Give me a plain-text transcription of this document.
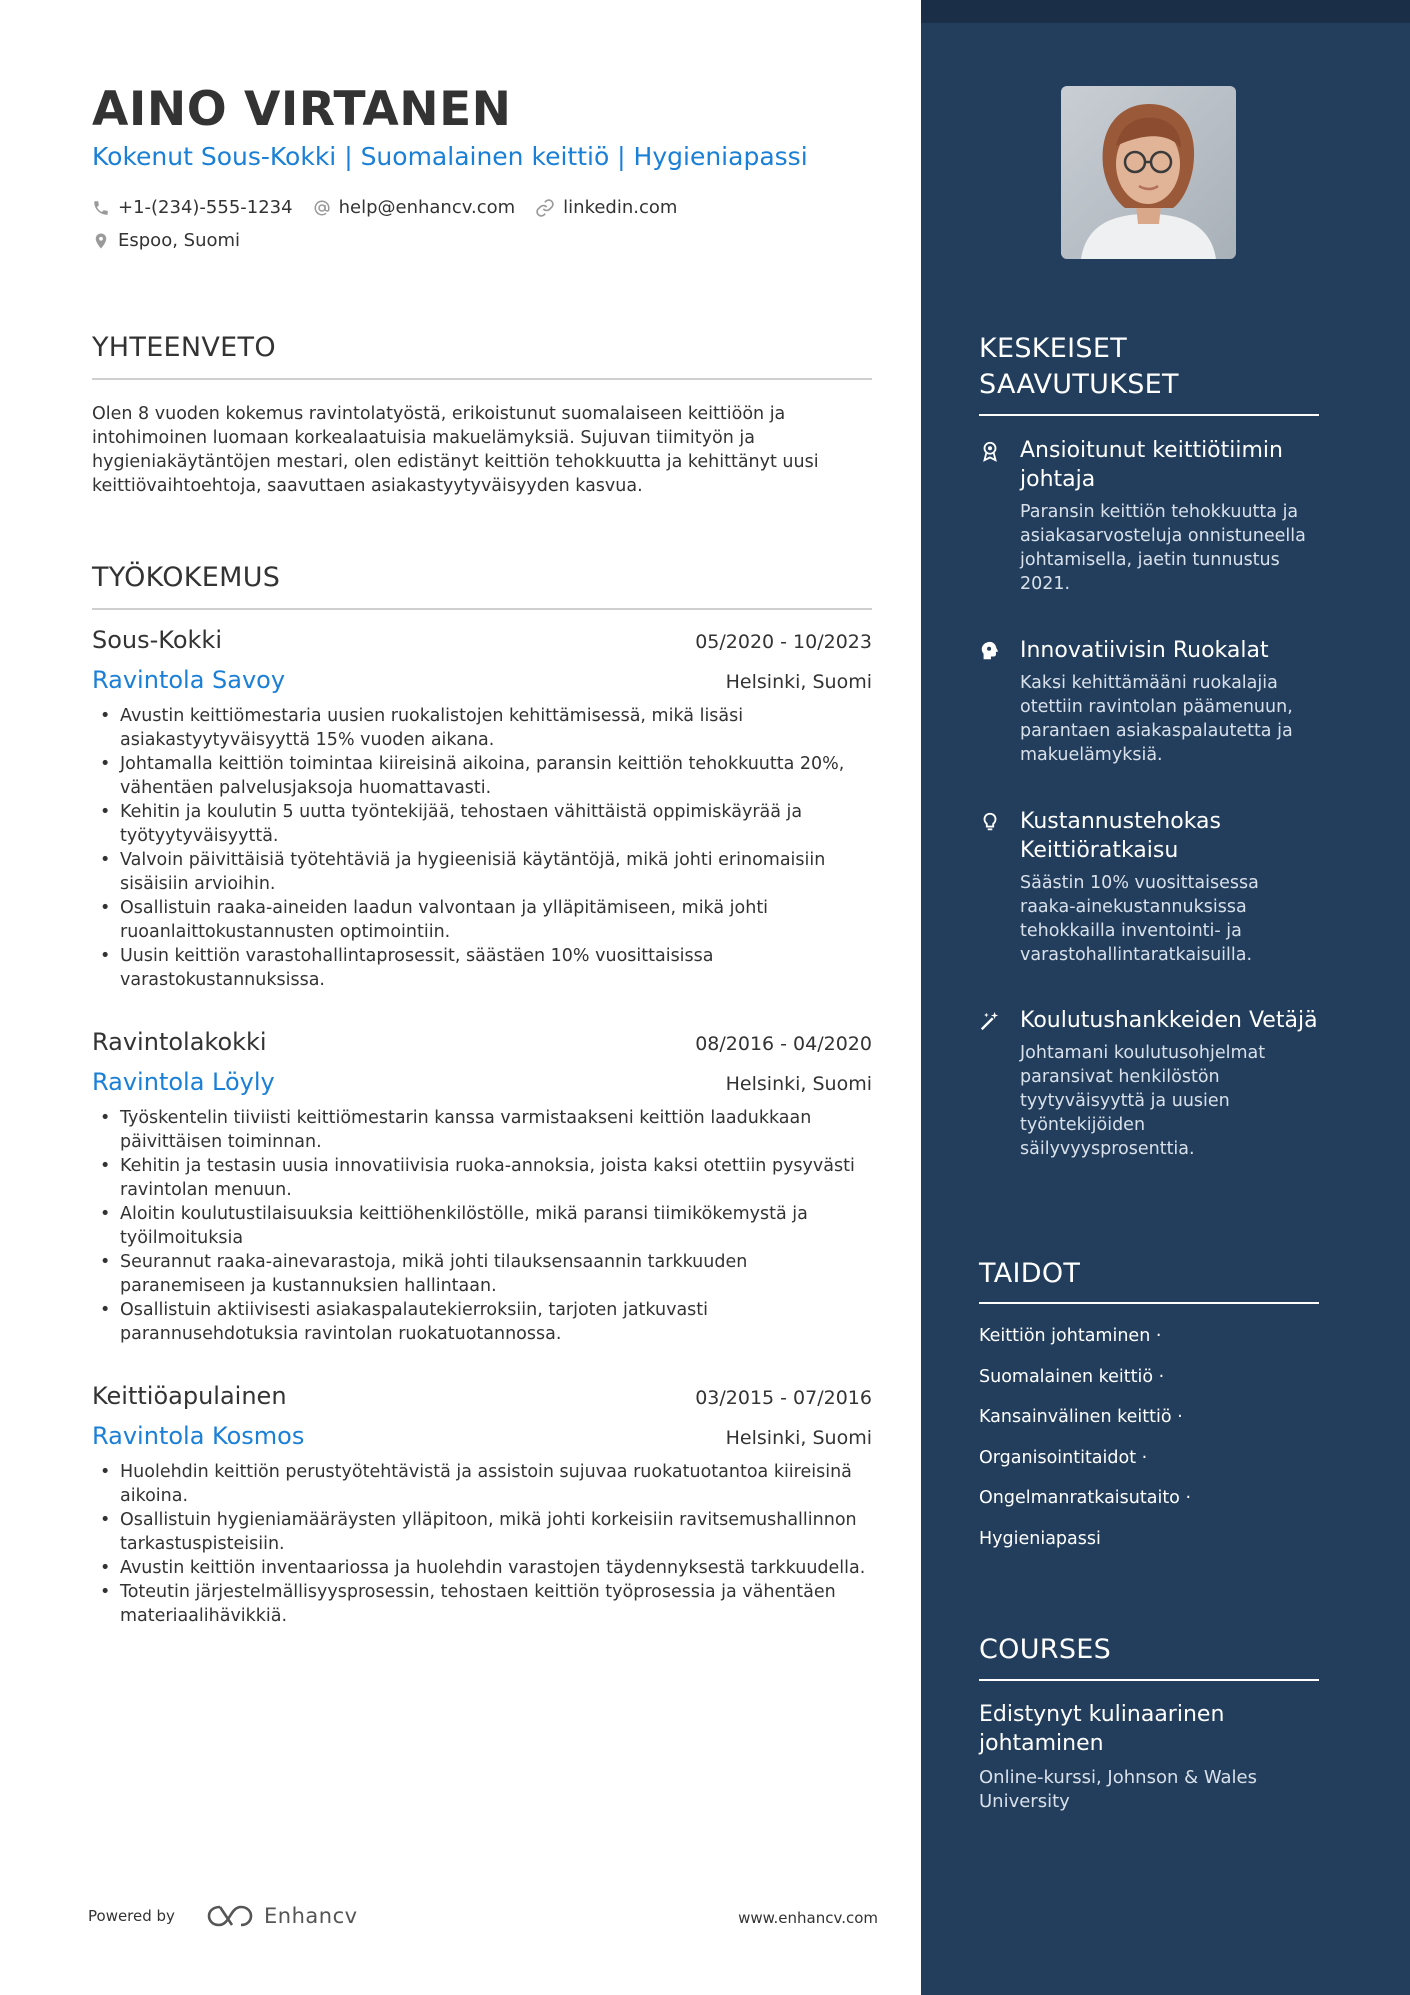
AINO VIRTANEN
Kokenut Sous-Kokki | Suomalainen keittiö | Hygieniapassi
+1-(234)-555-1234	help@enhancv.com	linkedin.com
Espoo, Suomi
YHTEENVETO
Olen 8 vuoden kokemus ravintolatyöstä, erikoistunut suomalaiseen keittiöön ja intohimoinen luomaan korkealaatuisia makuelämyksiä. Sujuvan tiimityön ja hygieniakäytäntöjen mestari, olen edistänyt keittiön tehokkuutta ja kehittänyt uusi keittiövaihtoehtoja, saavuttaen asiakastyytyväisyyden kasvua.
TYÖKOKEMUS
Sous-Kokki	05/2020 - 10/2023
Ravintola Savoy	Helsinki, Suomi
• Avustin keittiömestaria uusien ruokalistojen kehittämisessä, mikä lisäsi asiakastyytyväisyyttä 15% vuoden aikana.
• Johtamalla keittiön toimintaa kiireisinä aikoina, paransin keittiön tehokkuutta 20%, vähentäen palvelusjaksoja huomattavasti.
• Kehitin ja koulutin 5 uutta työntekijää, tehostaen vähittäistä oppimiskäyrää ja työtyytyväisyyttä.
• Valvoin päivittäisiä työtehtäviä ja hygieenisiä käytäntöjä, mikä johti erinomaisiin sisäisiin arvioihin.
• Osallistuin raaka-aineiden laadun valvontaan ja ylläpitämiseen, mikä johti ruoanlaittokustannusten optimointiin.
• Uusin keittiön varastohallintaprosessit, säästäen 10% vuosittaisissa varastokustannuksissa.
Ravintolakokki	08/2016 - 04/2020
Ravintola Löyly	Helsinki, Suomi
• Työskentelin tiiviisti keittiömestarin kanssa varmistaakseni keittiön laadukkaan päivittäisen toiminnan.
• Kehitin ja testasin uusia innovatiivisia ruoka-annoksia, joista kaksi otettiin pysyvästi ravintolan menuun.
• Aloitin koulutustilaisuuksia keittiöhenkilöstölle, mikä paransi tiimikökemystä ja työilmoituksia
• Seurannut raaka-ainevarastoja, mikä johti tilauksensaannin tarkkuuden paranemiseen ja kustannuksien hallintaan.
• Osallistuin aktiivisesti asiakaspalautekierroksiin, tarjoten jatkuvasti parannusehdotuksia ravintolan ruokatuotannossa.
Keittiöapulainen	03/2015 - 07/2016
Ravintola Kosmos	Helsinki, Suomi
• Huolehdin keittiön perustyötehtävistä ja assistoin sujuvaa ruokatuotantoa kiireisinä aikoina.
• Osallistuin hygieniamääräysten ylläpitoon, mikä johti korkeisiin ravitsemushallinnon tarkastuspisteisiin.
• Avustin keittiön inventaariossa ja huolehdin varastojen täydennyksestä tarkkuudella.
• Toteutin järjestelmällisyysprosessin, tehostaen keittiön työprosessia ja vähentäen materiaalihävikkiä.
Powered by	Enhancv	www.enhancv.com
KESKEISET
SAAVUTUKSET
Ansioitunut keittiötiimin johtaja
Paransin keittiön tehokkuutta ja asiakasarvosteluja onnistuneella johtamisella, jaetin tunnustus 2021.
Innovatiivisin Ruokalat
Kaksi kehittämääni ruokalajia otettiin ravintolan päämenuun, parantaen asiakaspalautetta ja makuelämyksiä.
Kustannustehokas Keittiöratkaisu
Säästin 10% vuosittaisessa raaka-ainekustannuksissa tehokkailla inventointi- ja varastohallintaratkaisuilla.
Koulutushankkeiden Vetäjä
Johtamani koulutusohjelmat paransivat henkilöstön tyytyväisyyttä ja uusien työntekijöiden säilyvyysprosenttia.
TAIDOT
Keittiön johtaminen ·
Suomalainen keittiö ·
Kansainvälinen keittiö ·
Organisointitaidot ·
Ongelmanratkaisutaito ·
Hygieniapassi
COURSES
Edistynyt kulinaarinen johtaminen
Online-kurssi, Johnson & Wales University
